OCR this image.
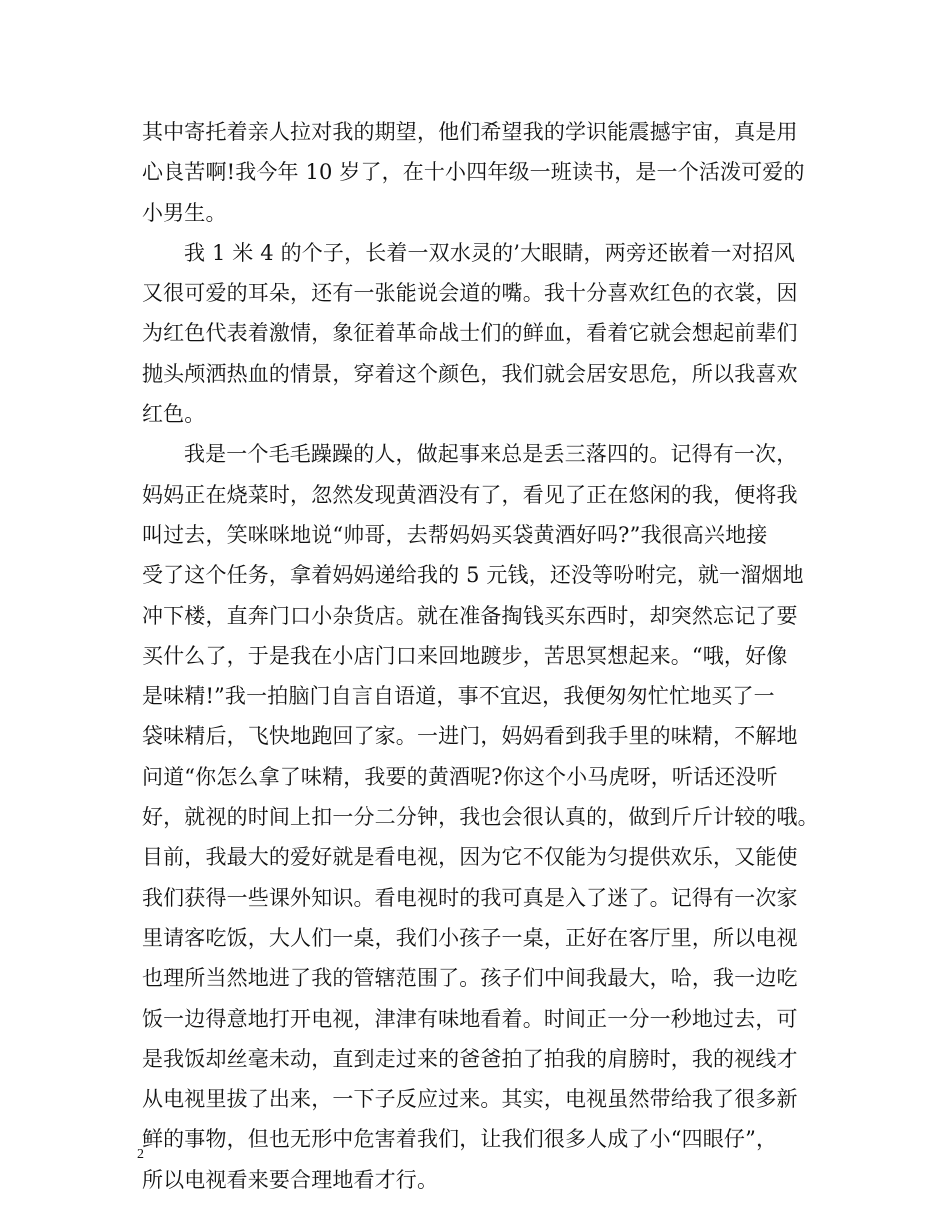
其中寄托着亲人拉对我的期望，他们希望我的学识能震撼宇宙，真是用
心良苦啊!我今年 10 岁了，在十小四年级一班读书，是一个活泼可爱的
小男生。
我 1 米 4 的个子，长着一双水灵的’大眼睛，两旁还嵌着一对招风
又很可爱的耳朵，还有一张能说会道的嘴。我十分喜欢红色的衣裳，因
为红色代表着激情，象征着革命战士们的鲜血，看着它就会想起前辈们
抛头颅洒热血的情景，穿着这个颜色，我们就会居安思危，所以我喜欢
红色。
我是一个毛毛躁躁的人，做起事来总是丢三落四的。记得有一次，
妈妈正在烧菜时，忽然发现黄酒没有了，看见了正在悠闲的我，便将我
叫过去，笑咪咪地说“帅哥，去帮妈妈买袋黄酒好吗?”我很高兴地接
受了这个任务，拿着妈妈递给我的 5 元钱，还没等吩咐完，就一溜烟地
冲下楼，直奔门口小杂货店。就在准备掏钱买东西时，却突然忘记了要
买什么了，于是我在小店门口来回地踱步，苦思冥想起来。“哦，好像
是味精!”我一拍脑门自言自语道，事不宜迟，我便匆匆忙忙地买了一
袋味精后，飞快地跑回了家。一进门，妈妈看到我手里的味精，不解地
问道“你怎么拿了味精，我要的黄酒呢?你这个小马虎呀，听话还没听
好，就视的时间上扣一分二分钟，我也会很认真的，做到斤斤计较的哦。
目前，我最大的爱好就是看电视，因为它不仅能为匀提供欢乐，又能使
我们获得一些课外知识。看电视时的我可真是入了迷了。记得有一次家
里请客吃饭，大人们一桌，我们小孩子一桌，正好在客厅里，所以电视
也理所当然地进了我的管辖范围了。孩子们中间我最大，哈，我一边吃
饭一边得意地打开电视，津津有味地看着。时间正一分一秒地过去，可
是我饭却丝毫未动，直到走过来的爸爸拍了拍我的肩膀时，我的视线才
从电视里拔了出来，一下子反应过来。其实，电视虽然带给我了很多新
鲜的事物，但也无形中危害着我们，让我们很多人成了小“四眼仔”，
所以电视看来要合理地看才行。
2
